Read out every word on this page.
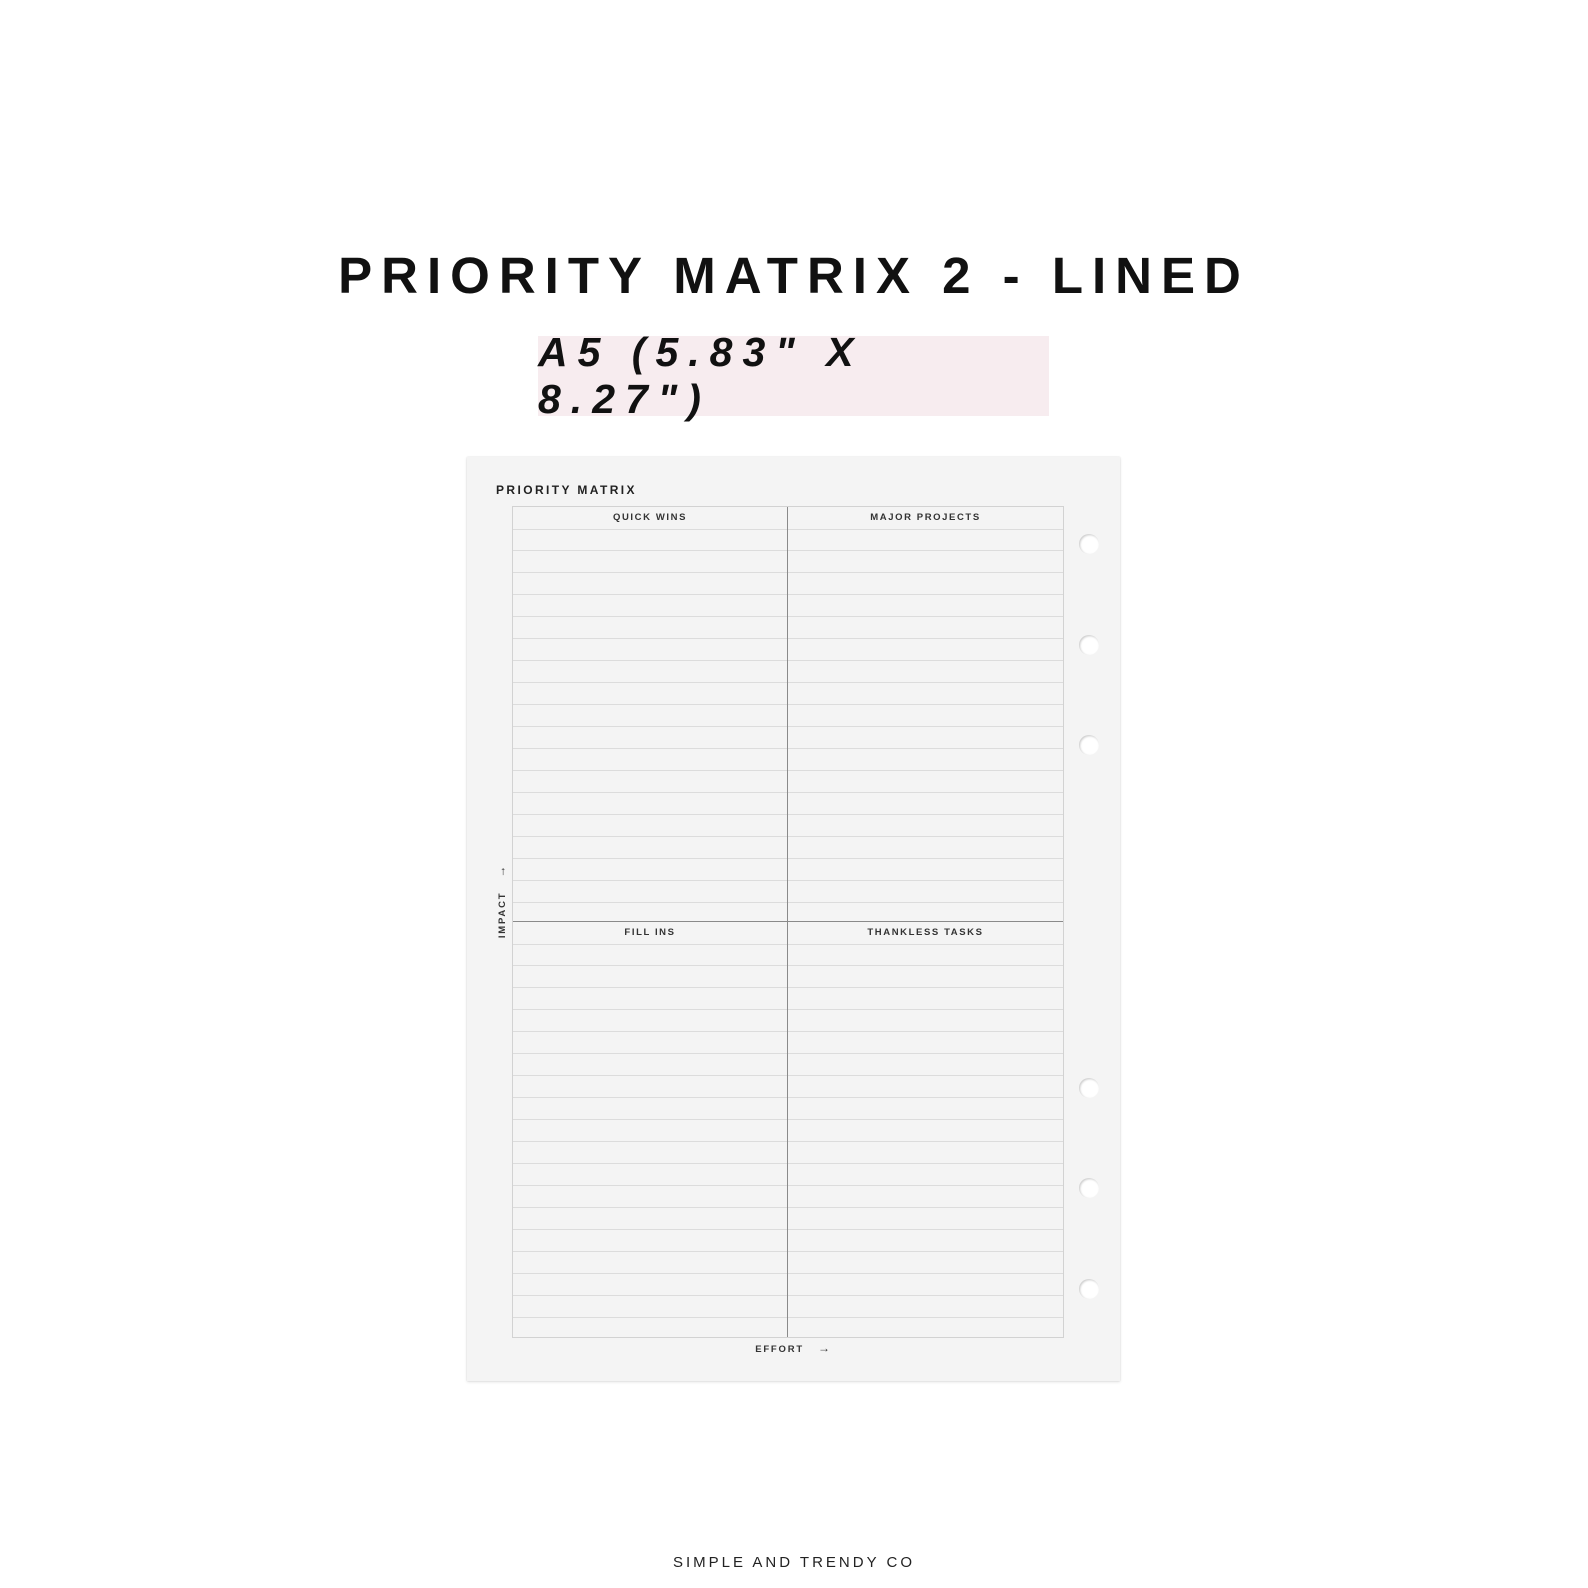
PRIORITY MATRIX 2 - LINED
A5 (5.83" X 8.27")
PRIORITY MATRIX
QUICK WINS	MAJOR PROJECTS
FILL INS	THANKLESS TASKS
IMPACT→
EFFORT →
SIMPLE AND TRENDY CO
